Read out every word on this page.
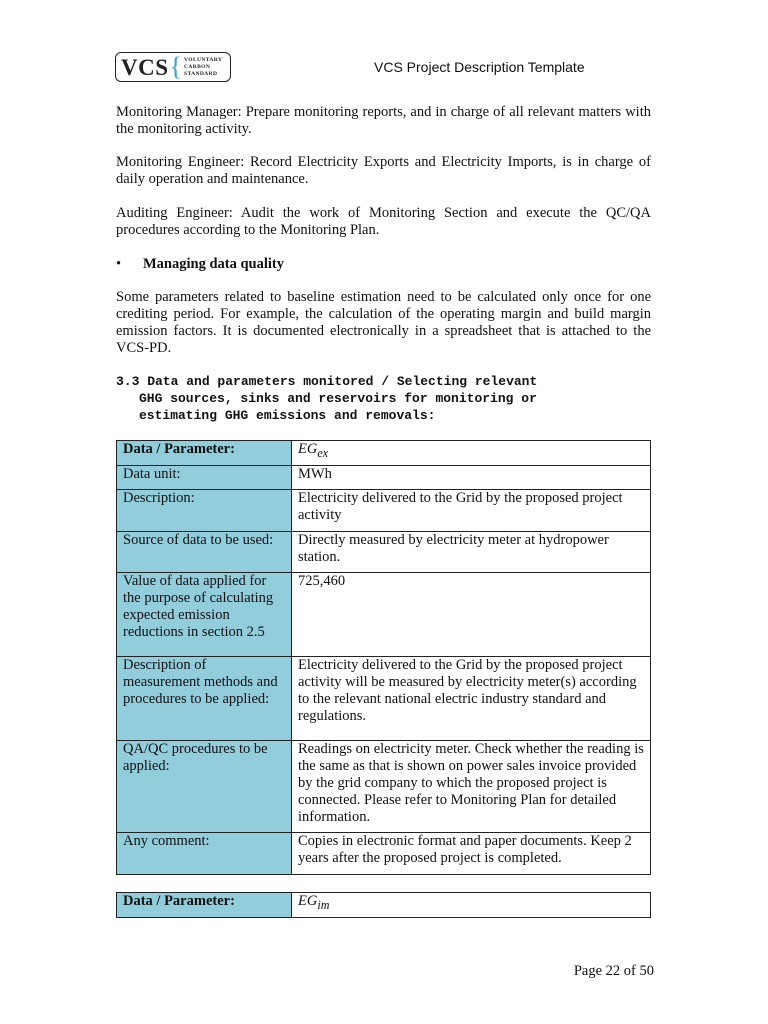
VCS { VOLUNTARY
CARBON
STANDARD	VCS Project Description Template
Monitoring Manager: Prepare monitoring reports, and in charge of all relevant matters with the monitoring activity.
Monitoring Engineer: Record Electricity Exports and Electricity Imports, is in charge of daily operation and maintenance.
Auditing Engineer: Audit the work of Monitoring Section and execute the QC/QA procedures according to the Monitoring Plan.
• Managing data quality
Some parameters related to baseline estimation need to be calculated only once for one crediting period. For example, the calculation of the operating margin and build margin emission factors. It is documented electronically in a spreadsheet that is attached to the VCS-PD.
3.3 Data and parameters monitored / Selecting relevant
GHG sources, sinks and reservoirs for monitoring or
estimating GHG emissions and removals:
Data / Parameter:	$EG_{ex}$
Data unit:	MWh
Description:	Electricity delivered to the Grid by the proposed project activity
Source of data to be used:	Directly measured by electricity meter at hydropower station.
Value of data applied for the purpose of calculating expected emission reductions in section 2.5	725,460
Description of measurement methods and procedures to be applied:	Electricity delivered to the Grid by the proposed project activity will be measured by electricity meter(s) according to the relevant national electric industry standard and regulations.
QA/QC procedures to be applied:	Readings on electricity meter. Check whether the reading is the same as that is shown on power sales invoice provided by the grid company to which the proposed project is connected. Please refer to Monitoring Plan for detailed information.
Any comment:	Copies in electronic format and paper documents. Keep 2 years after the proposed project is completed.
Data / Parameter:	$EG_{im}$
Page 22 of 50
